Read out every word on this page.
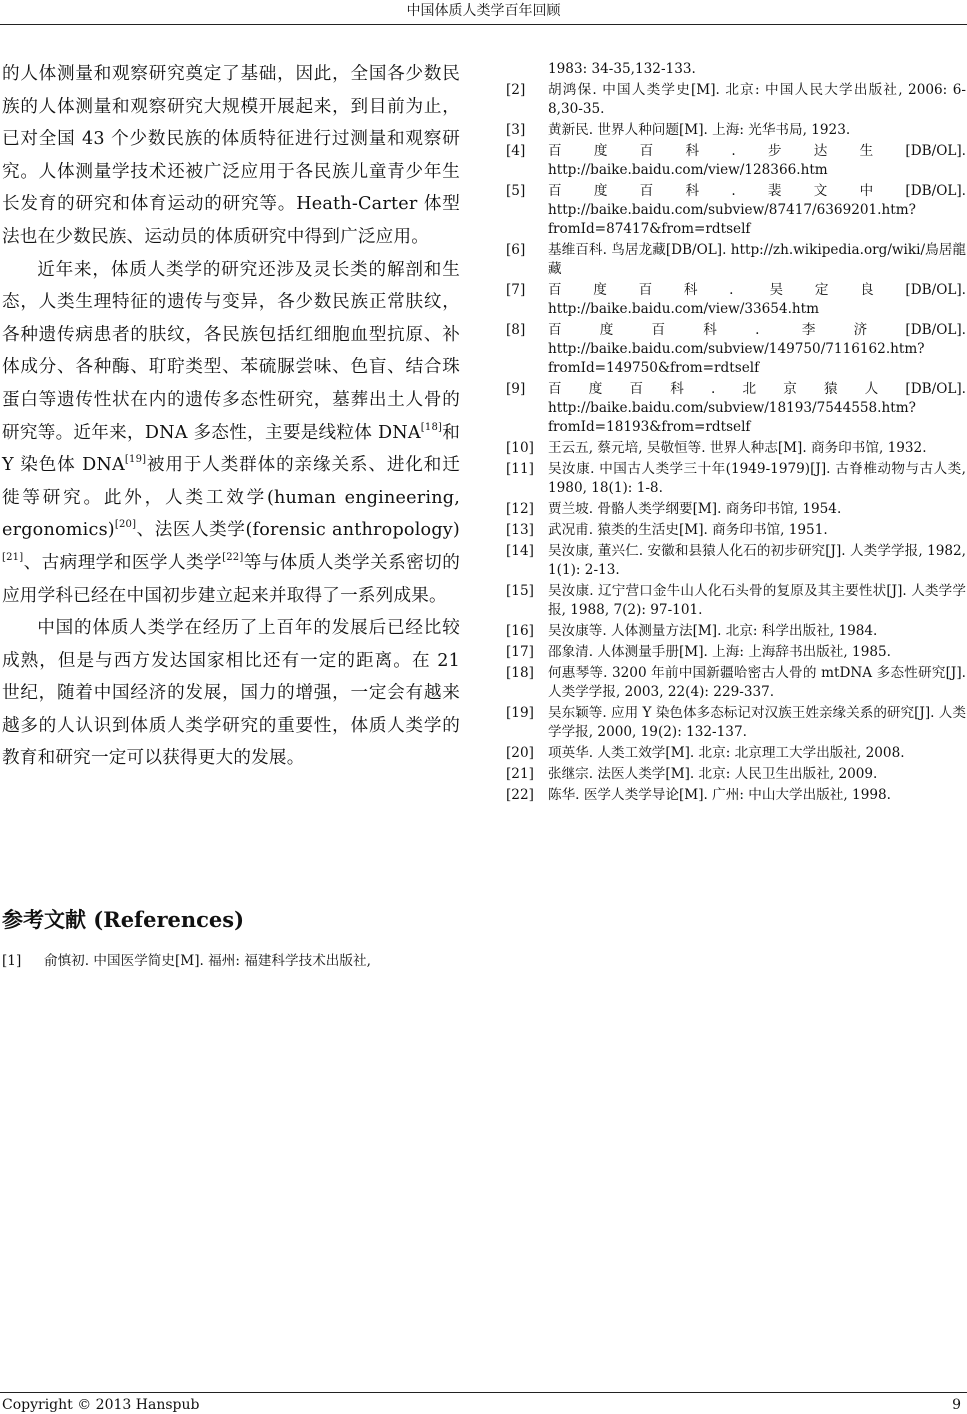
中国体质人类学百年回顾

的人体测量和观察研究奠定了基础，因此，全国各少数民族的人体测量和观察研究大规模开展起来，到目前为止，已对全国 43 个少数民族的体质特征进行过测量和观察研究。人体测量学技术还被广泛应用于各民族儿童青少年生长发育的研究和体育运动的研究等。Heath-Carter 体型法也在少数民族、运动员的体质研究中得到广泛应用。

近年来，体质人类学的研究还涉及灵长类的解剖和生态，人类生理特征的遗传与变异，各少数民族正常肤纹，各种遗传病患者的肤纹，各民族包括红细胞血型抗原、补体成分、各种酶、耵聍类型、苯硫脲尝味、色盲、结合珠蛋白等遗传性状在内的遗传多态性研究，墓葬出土人骨的研究等。近年来，DNA 多态性，主要是线粒体 DNA[18]和 Y 染色体 DNA[19]被用于人类群体的亲缘关系、进化和迁徙等研究。此外，人类工效学(human engineering, ergonomics)[20]、法医人类学(forensic anthropology)[21]、古病理学和医学人类学[22]等与体质人类学关系密切的应用学科已经在中国初步建立起来并取得了一系列成果。

中国的体质人类学在经历了上百年的发展后已经比较成熟，但是与西方发达国家相比还有一定的距离。在 21 世纪，随着中国经济的发展，国力的增强，一定会有越来越多的人认识到体质人类学研究的重要性，体质人类学的教育和研究一定可以获得更大的发展。

参考文献 (References)
[1] 俞慎初. 中国医学简史[M]. 福州: 福建科学技术出版社,
1983: 34-35,132-133.
[2] 胡鸿保. 中国人类学史[M]. 北京: 中国人民大学出版社, 2006: 6-8,30-35.
[3] 黄新民. 世界人种问题[M]. 上海: 光华书局, 1923.
[4] 百度百科.步达生[DB/OL]. http://baike.baidu.com/view/128366.htm
[5] 百度百科.裴文中[DB/OL]. http://baike.baidu.com/subview/87417/6369201.htm?fromId=87417&from=rdtself
[6] 基维百科. 鸟居龙藏[DB/OL]. http://zh.wikipedia.org/wiki/鳥居龍藏
[7] 百度百科. 吴定良[DB/OL]. http://baike.baidu.com/view/33654.htm
[8] 百度百科. 李济[DB/OL]. http://baike.baidu.com/subview/149750/7116162.htm?fromId=149750&from=rdtself
[9] 百度百科.北京猿人[DB/OL]. http://baike.baidu.com/subview/18193/7544558.htm?fromId=18193&from=rdtself
[10] 王云五, 蔡元培, 吴敬恒等. 世界人种志[M]. 商务印书馆, 1932.
[11] 吴汝康. 中国古人类学三十年(1949-1979)[J]. 古脊椎动物与古人类, 1980, 18(1): 1-8.
[12] 贾兰坡. 骨骼人类学纲要[M]. 商务印书馆, 1954.
[13] 武况甫. 猿类的生活史[M]. 商务印书馆, 1951.
[14] 吴汝康, 董兴仁. 安徽和县猿人化石的初步研究[J]. 人类学学报, 1982, 1(1): 2-13.
[15] 吴汝康. 辽宁营口金牛山人化石头骨的复原及其主要性状[J]. 人类学学报, 1988, 7(2): 97-101.
[16] 吴汝康等. 人体测量方法[M]. 北京: 科学出版社, 1984.
[17] 邵象清. 人体测量手册[M]. 上海: 上海辞书出版社, 1985.
[18] 何惠琴等. 3200 年前中国新疆哈密古人骨的 mtDNA 多态性研究[J]. 人类学学报, 2003, 22(4): 229-337.
[19] 吴东颖等. 应用 Y 染色体多态标记对汉族王姓亲缘关系的研究[J]. 人类学学报, 2000, 19(2): 132-137.
[20] 项英华. 人类工效学[M]. 北京: 北京理工大学出版社, 2008.
[21] 张继宗. 法医人类学[M]. 北京: 人民卫生出版社, 2009.
[22] 陈华. 医学人类学导论[M]. 广州: 中山大学出版社, 1998.
Copyright © 2013 Hanspub	9
